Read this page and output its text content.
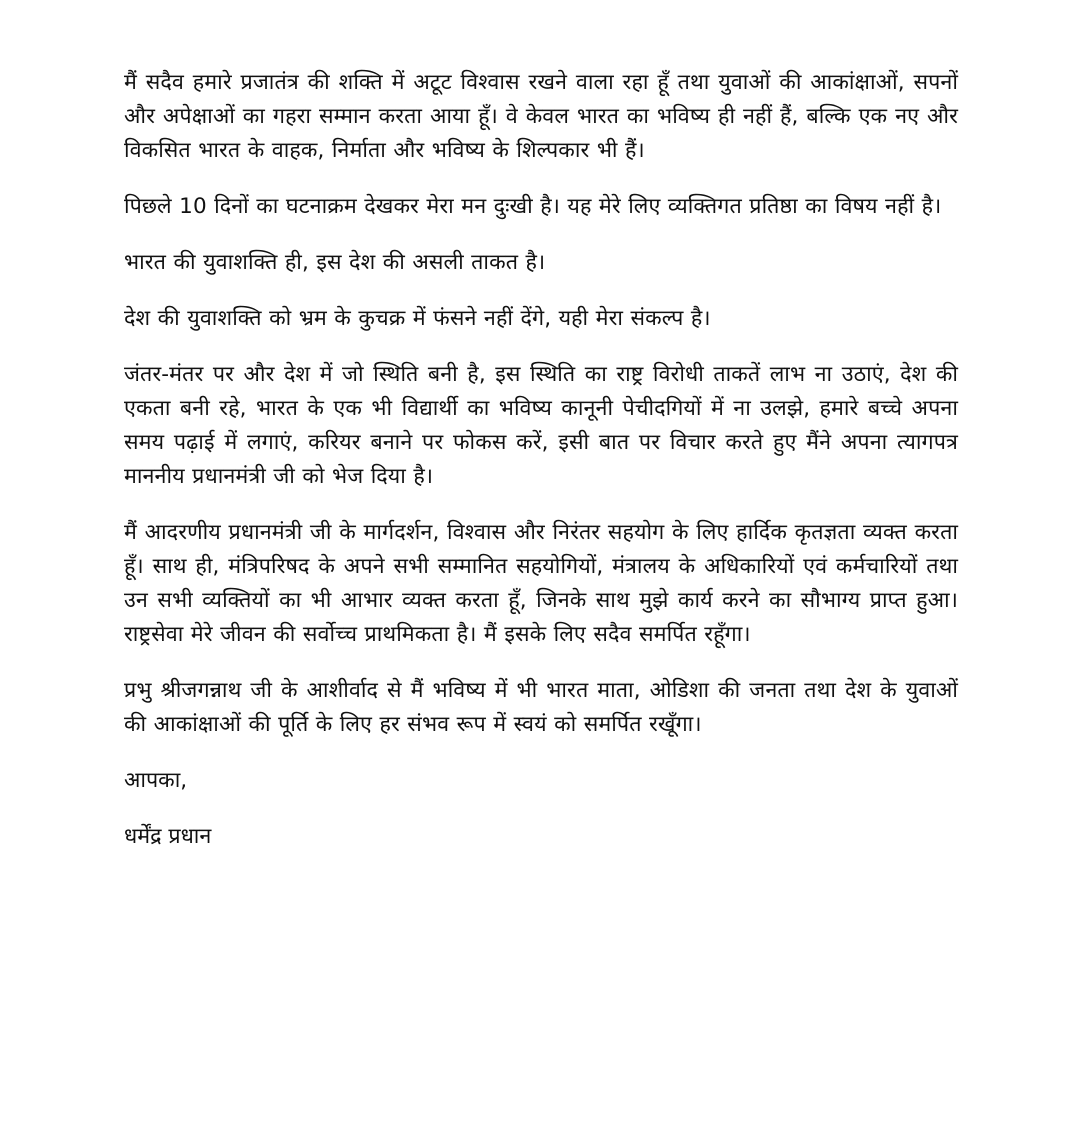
मैं सदैव हमारे प्रजातंत्र की शक्ति में अटूट विश्वास रखने वाला रहा हूँ तथा युवाओं की आकांक्षाओं, सपनों और अपेक्षाओं का गहरा सम्मान करता आया हूँ। वे केवल भारत का भविष्य ही नहीं हैं, बल्कि एक नए और विकसित भारत के वाहक, निर्माता और भविष्य के शिल्पकार भी हैं।

पिछले 10 दिनों का घटनाक्रम देखकर मेरा मन दुःखी है। यह मेरे लिए व्यक्तिगत प्रतिष्ठा का विषय नहीं है।

भारत की युवाशक्ति ही, इस देश की असली ताकत है।

देश की युवाशक्ति को भ्रम के कुचक्र में फंसने नहीं देंगे, यही मेरा संकल्प है।

जंतर-मंतर पर और देश में जो स्थिति बनी है, इस स्थिति का राष्ट्र विरोधी ताकतें लाभ ना उठाएं, देश की एकता बनी रहे, भारत के एक भी विद्यार्थी का भविष्य कानूनी पेचीदगियों में ना उलझे, हमारे बच्चे अपना समय पढ़ाई में लगाएं, करियर बनाने पर फोकस करें, इसी बात पर विचार करते हुए मैंने अपना त्यागपत्र माननीय प्रधानमंत्री जी को भेज दिया है।

मैं आदरणीय प्रधानमंत्री जी के मार्गदर्शन, विश्वास और निरंतर सहयोग के लिए हार्दिक कृतज्ञता व्यक्त करता हूँ। साथ ही, मंत्रिपरिषद के अपने सभी सम्मानित सहयोगियों, मंत्रालय के अधिकारियों एवं कर्मचारियों तथा उन सभी व्यक्तियों का भी आभार व्यक्त करता हूँ, जिनके साथ मुझे कार्य करने का सौभाग्य प्राप्त हुआ। राष्ट्रसेवा मेरे जीवन की सर्वोच्च प्राथमिकता है। मैं इसके लिए सदैव समर्पित रहूँगा।

प्रभु श्रीजगन्नाथ जी के आशीर्वाद से मैं भविष्य में भी भारत माता, ओडिशा की जनता तथा देश के युवाओं की आकांक्षाओं की पूर्ति के लिए हर संभव रूप में स्वयं को समर्पित रखूँगा।

आपका,

धर्मेंद्र प्रधान
